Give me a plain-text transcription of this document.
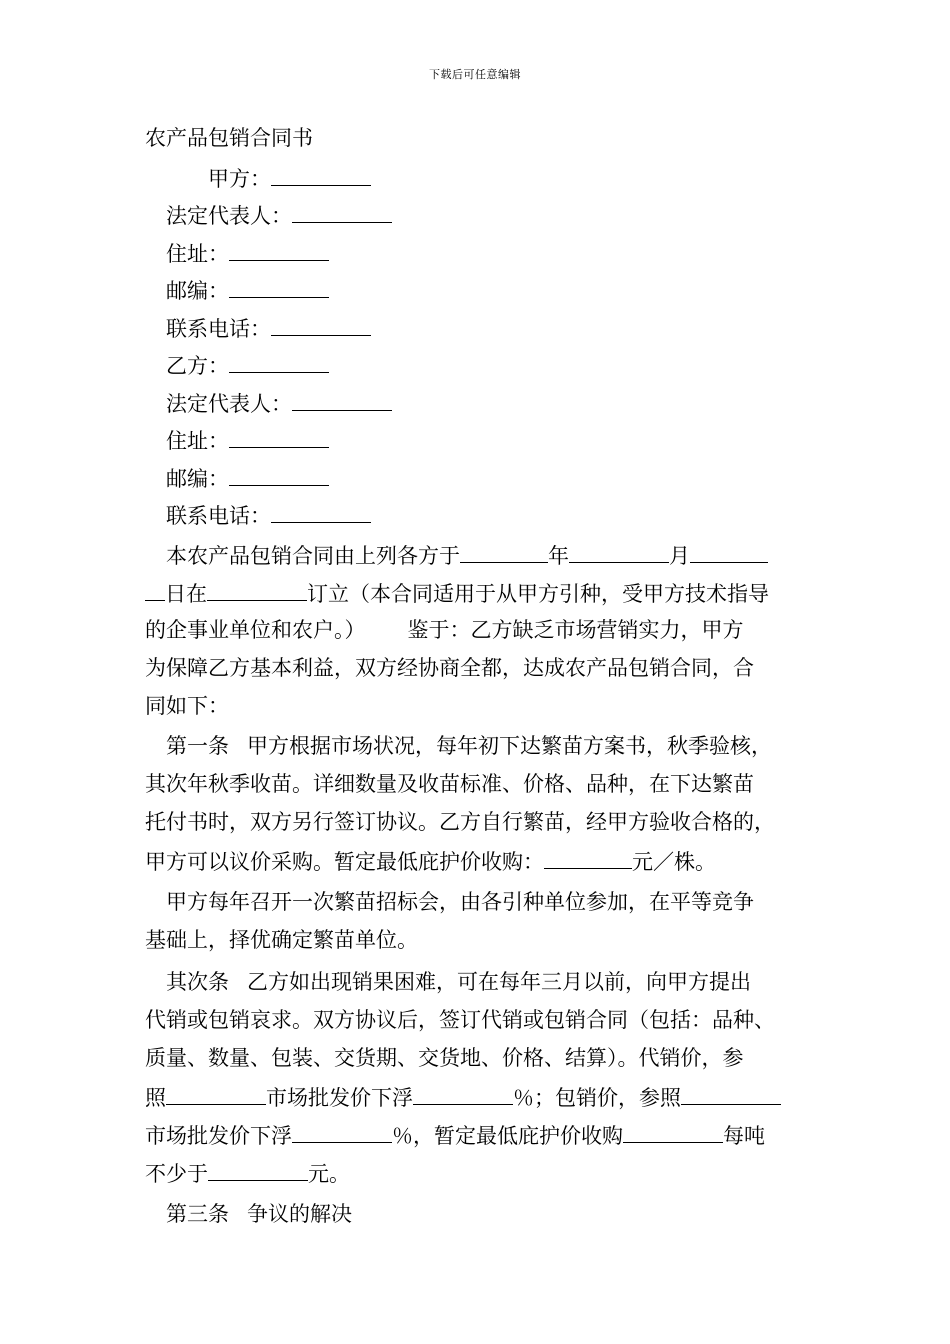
下载后可任意编辑
农产品包销合同书
甲方：
法定代表人：
住址：
邮编：
联系电话：
乙方：
法定代表人：
住址：
邮编：
联系电话：
本农产品包销合同由上列各方于	年	月
日在	订立（本合同适用于从甲方引种，受甲方技术指导
的企事业单位和农户。） 鉴于：乙方缺乏市场营销实力，甲方
为保障乙方基本利益，双方经协商全都，达成农产品包销合同，合
同如下：
第一条 甲方根据市场状况，每年初下达繁苗方案书，秋季验核，
其次年秋季收苗。详细数量及收苗标准、价格、品种，在下达繁苗
托付书时，双方另行签订协议。乙方自行繁苗，经甲方验收合格的，
甲方可以议价采购。暂定最低庇护价收购：	元／株。
甲方每年召开一次繁苗招标会，由各引种单位参加，在平等竞争
基础上，择优确定繁苗单位。
其次条 乙方如出现销果困难，可在每年三月以前，向甲方提出
代销或包销哀求。双方协议后，签订代销或包销合同（包括：品种、
质量、数量、包装、交货期、交货地、价格、结算）。代销价，参
照	市场批发价下浮	％；包销价，参照
市场批发价下浮	％，暂定最低庇护价收购	每吨
不少于	元。
第三条 争议的解决
